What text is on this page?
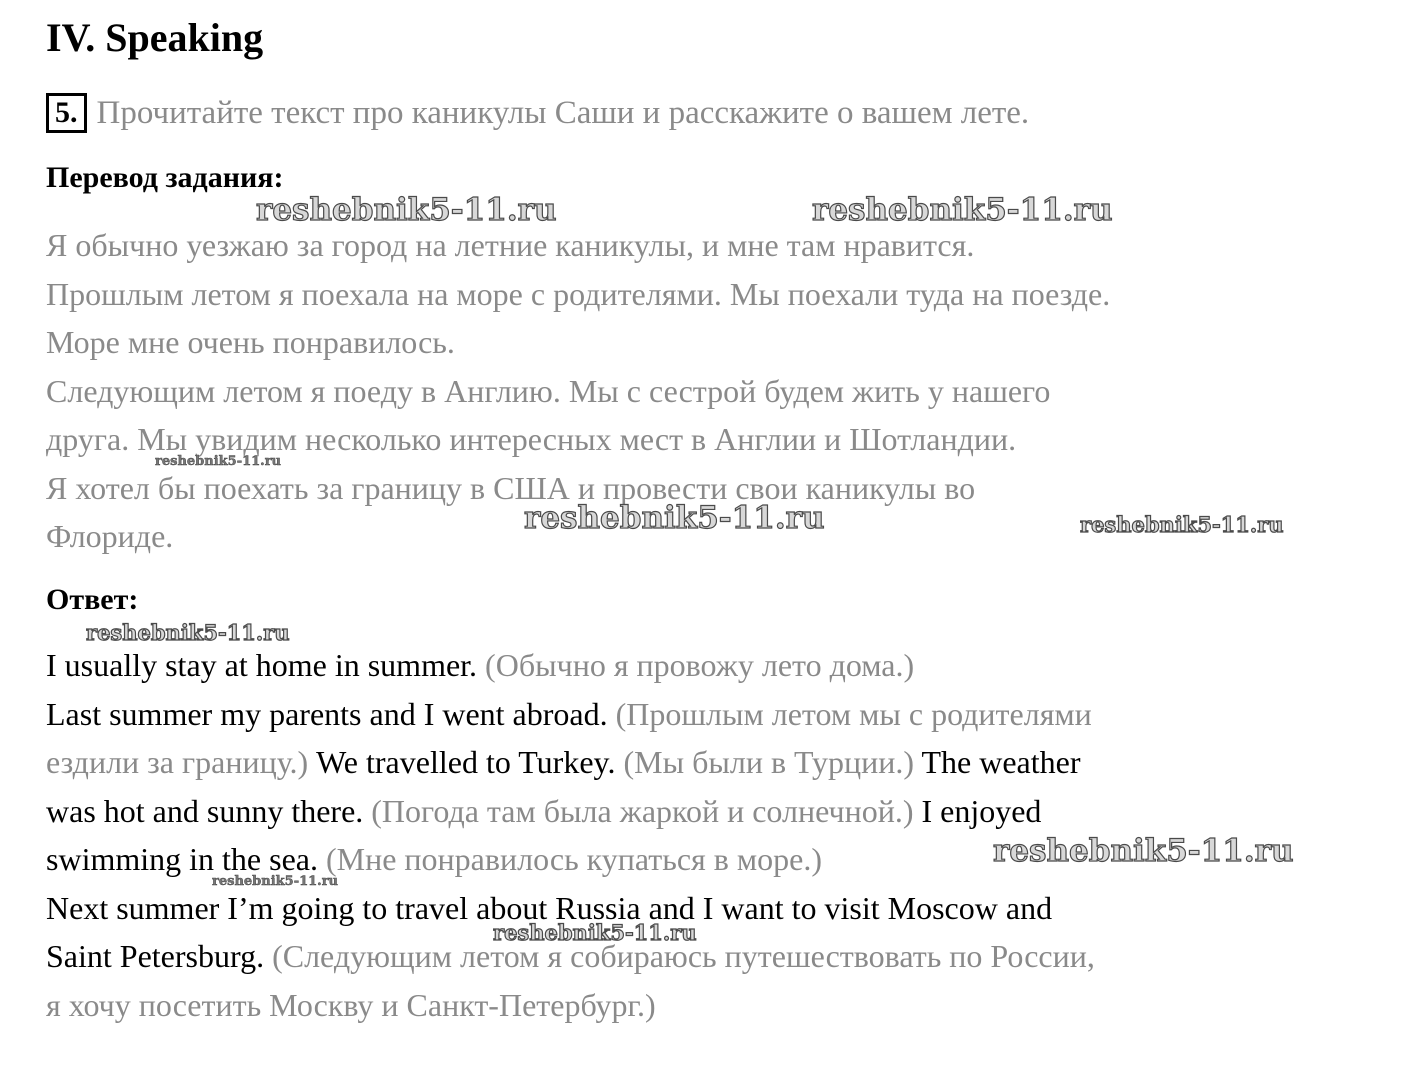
IV. Speaking
5. Прочитайте текст про каникулы Саши и расскажите о вашем лете.
Перевод задания:
Я обычно уезжаю за город на летние каникулы, и мне там нравится.
Прошлым летом я поехала на море с родителями. Мы поехали туда на поезде.
Море мне очень понравилось.
Следующим летом я поеду в Англию. Мы с сестрой будем жить у нашего
друга. Мы увидим несколько интересных мест в Англии и Шотландии.
Я хотел бы поехать за границу в США и провести свои каникулы во
Флориде.
Ответ:
I usually stay at home in summer. (Обычно я провожу лето дома.)
Last summer my parents and I went abroad. (Прошлым летом мы с родителями
ездили за границу.) We travelled to Turkey. (Мы были в Турции.) The weather
was hot and sunny there. (Погода там была жаркой и солнечной.) I enjoyed
swimming in the sea. (Мне понравилось купаться в море.)
Next summer I’m going to travel about Russia and I want to visit Moscow and
Saint Petersburg. (Следующим летом я собираюсь путешествовать по России,
я хочу посетить Москву и Санкт-Петербург.)
reshebnik5-11.ru	reshebnik5-11.ru
reshebnik5-11.ru
reshebnik5-11.ru	reshebnik5-11.ru
reshebnik5-11.ru
reshebnik5-11.ru
reshebnik5-11.ru
reshebnik5-11.ru
